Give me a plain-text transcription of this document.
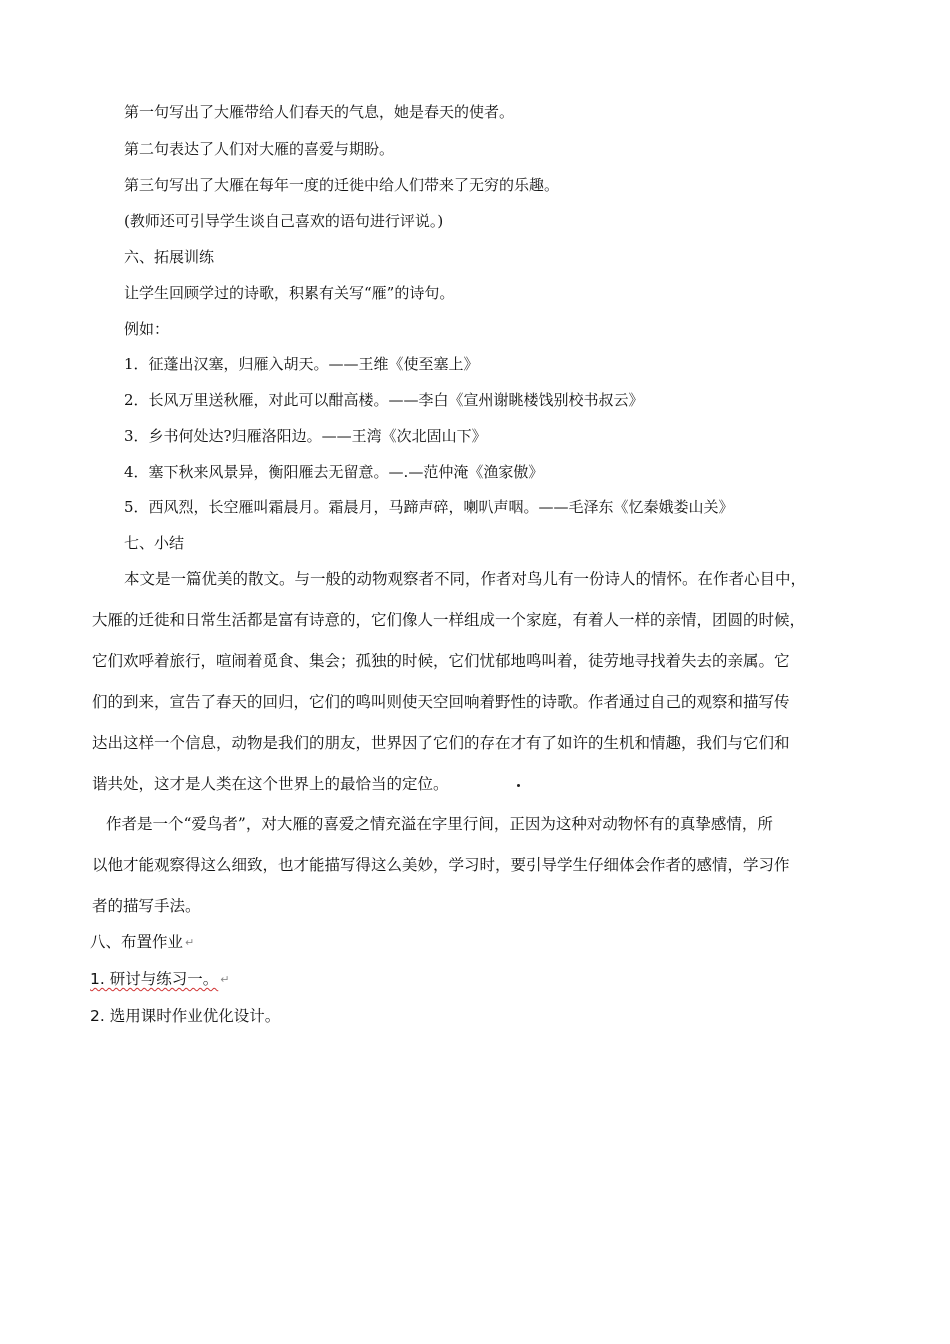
第一句写出了大雁带给人们春天的气息，她是春天的使者。
第二句表达了人们对大雁的喜爱与期盼。
第三句写出了大雁在每年一度的迁徙中给人们带来了无穷的乐趣。
(教师还可引导学生谈自己喜欢的语句进行评说。)
六、拓展训练
让学生回顾学过的诗歌，积累有关写“雁”的诗句。
例如：
1．征蓬出汉塞，归雁入胡天。——王维《使至塞上》
2．长风万里送秋雁，对此可以酣高楼。——李白《宣州谢眺楼饯别校书叔云》
3．乡书何处达?归雁洛阳边。——王湾《次北固山下》
4．塞下秋来风景异，衡阳雁去无留意。—.—范仲淹《渔家傲》
5．西风烈，长空雁叫霜晨月。霜晨月，马蹄声碎，喇叭声咽。——毛泽东《忆秦娥娄山关》
七、小结
本文是一篇优美的散文。与一般的动物观察者不同，作者对鸟儿有一份诗人的情怀。在作者心目中，
大雁的迁徙和日常生活都是富有诗意的，它们像人一样组成一个家庭，有着人一样的亲情，团圆的时候，
它们欢呼着旅行，喧闹着觅食、集会；孤独的时候，它们忧郁地鸣叫着，徒劳地寻找着失去的亲属。它
们的到来，宣告了春天的回归，它们的鸣叫则使天空回响着野性的诗歌。作者通过自己的观察和描写传
达出这样一个信息，动物是我们的朋友，世界因了它们的存在才有了如许的生机和情趣，我们与它们和
谐共处，这才是人类在这个世界上的最恰当的定位。
作者是一个“爱鸟者”，对大雁的喜爱之情充溢在字里行间，正因为这种对动物怀有的真挚感情，所
以他才能观察得这么细致，也才能描写得这么美妙，学习时，要引导学生仔细体会作者的感情，学习作
者的描写手法。
八、布置作业 ↵
1. 研讨与练习一。 ↵
2. 选用课时作业优化设计。
